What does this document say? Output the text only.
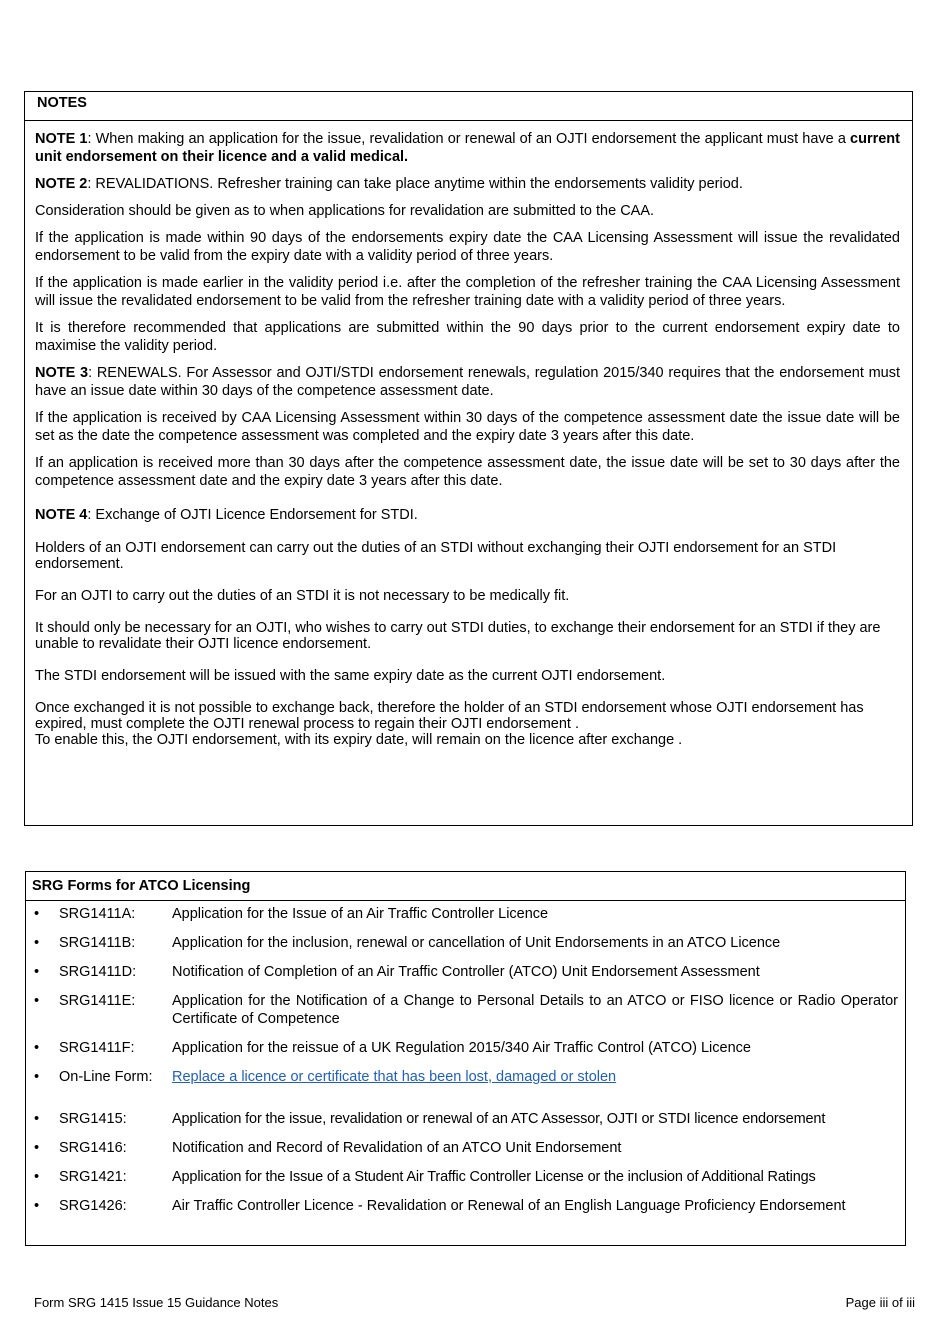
NOTES

NOTE 1: When making an application for the issue, revalidation or renewal of an OJTI endorsement the applicant must have a current unit endorsement on their licence and a valid medical.

NOTE 2: REVALIDATIONS. Refresher training can take place anytime within the endorsements validity period.

Consideration should be given as to when applications for revalidation are submitted to the CAA.

If the application is made within 90 days of the endorsements expiry date the CAA Licensing Assessment will issue the revalidated endorsement to be valid from the expiry date with a validity period of three years.

If the application is made earlier in the validity period i.e. after the completion of the refresher training the CAA Licensing Assessment will issue the revalidated endorsement to be valid from the refresher training date with a validity period of three years.

It is therefore recommended that applications are submitted within the 90 days prior to the current endorsement expiry date to maximise the validity period.

NOTE 3: RENEWALS. For Assessor and OJTI/STDI endorsement renewals, regulation 2015/340 requires that the endorsement must have an issue date within 30 days of the competence assessment date.

If the application is received by CAA Licensing Assessment within 30 days of the competence assessment date the issue date will be set as the date the competence assessment was completed and the expiry date 3 years after this date.

If an application is received more than 30 days after the competence assessment date, the issue date will be set to 30 days after the competence assessment date and the expiry date 3 years after this date.

NOTE 4: Exchange of OJTI Licence Endorsement for STDI.

Holders of an OJTI endorsement can carry out the duties of an STDI without exchanging their OJTI endorsement for an STDI endorsement.

For an OJTI to carry out the duties of an STDI it is not necessary to be medically fit.

It should only be necessary for an OJTI, who wishes to carry out STDI duties, to exchange their endorsement for an STDI if they are unable to revalidate their OJTI licence endorsement.

The STDI endorsement will be issued with the same expiry date as the current OJTI endorsement.

Once exchanged it is not possible to exchange back, therefore the holder of an STDI endorsement whose OJTI endorsement has expired, must complete the OJTI renewal process to regain their OJTI endorsement .

To enable this, the OJTI endorsement, with its expiry date, will remain on the licence after exchange .

SRG Forms for ATCO Licensing
•	SRG1411A:	Application for the Issue of an Air Traffic Controller Licence
•	SRG1411B:	Application for the inclusion, renewal or cancellation of Unit Endorsements in an ATCO Licence
•	SRG1411D: Notification of Completion of an Air Traffic Controller (ATCO) Unit Endorsement Assessment
•	SRG1411E:	Application for the Notification of a Change to Personal Details to an ATCO or FISO licence or Radio Operator Certificate of Competence
•	SRG1411F:	Application for the reissue of a UK Regulation 2015/340 Air Traffic Control (ATCO) Licence
•	On-Line Form: Replace a licence or certificate that has been lost, damaged or stolen
•	SRG1415:	Application for the issue, revalidation or renewal of an ATC Assessor, OJTI or STDI licence endorsement
•	SRG1416:	Notification and Record of Revalidation of an ATCO Unit Endorsement
•	SRG1421:	Application for the Issue of a Student Air Traffic Controller License or the inclusion of Additional Ratings
•	SRG1426:	Air Traffic Controller Licence - Revalidation or Renewal of an English Language Proficiency Endorsement
Form SRG 1415 Issue 15 Guidance Notes	Page iii of iii
